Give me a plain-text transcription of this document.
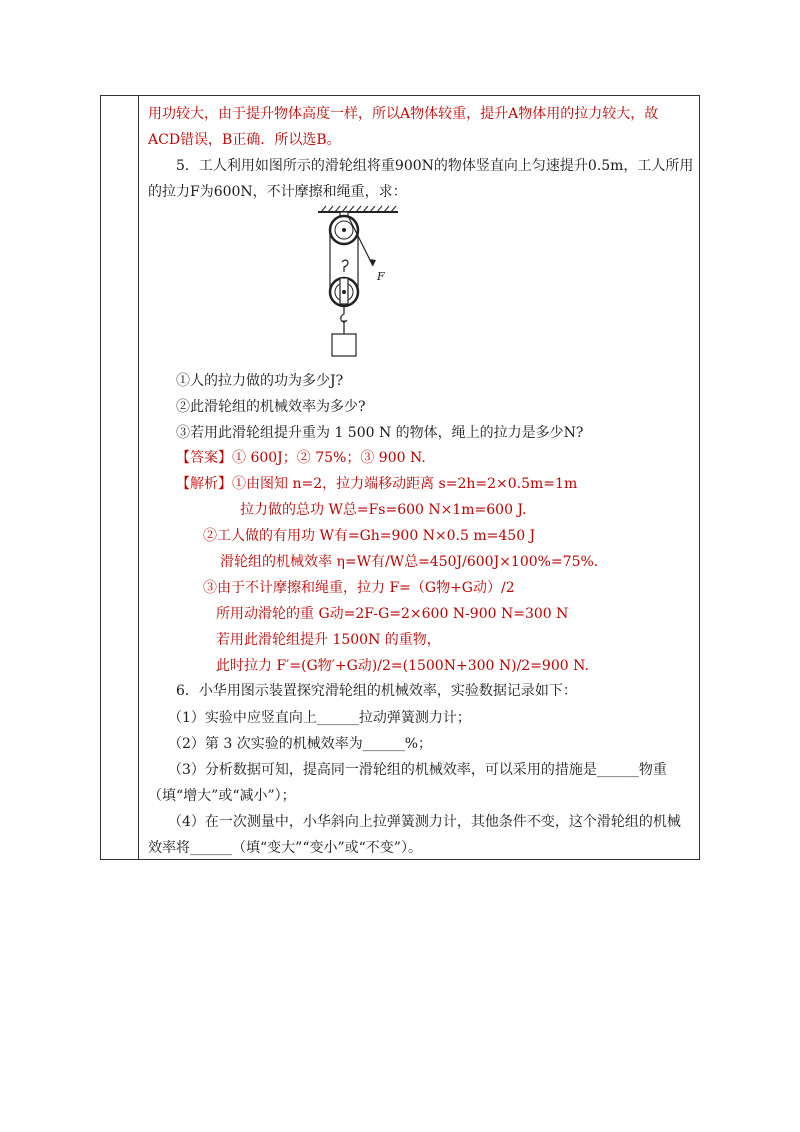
用功较大，由于提升物体高度一样，所以A物体较重，提升A物体用的拉力较大，故
ACD错误，B正确．所以选B。
5．工人利用如图所示的滑轮组将重900N的物体竖直向上匀速提升0.5m，工人所用
的拉力F为600N，不计摩擦和绳重，求：
F
①人的拉力做的功为多少J?
②此滑轮组的机械效率为多少?
③若用此滑轮组提升重为 1 500 N 的物体，绳上的拉力是多少N?
【答案】① 600J；② 75%；③ 900 N.
【解析】①由图知 n=2，拉力端移动距离 s=2h=2×0.5m=1m
拉力做的总功 W总=Fs=600 N×1m=600 J.
②工人做的有用功 W有=Gh=900 N×0.5 m=450 J
滑轮组的机械效率 η=W有/W总=450J/600J×100%=75%.
③由于不计摩擦和绳重，拉力 F=（G物+G动）/2
所用动滑轮的重 G动=2F-G=2×600 N-900 N=300 N
若用此滑轮组提升 1500N 的重物，
此时拉力 F′=(G物′+G动)/2=(1500N+300 N)/2=900 N.
6．小华用图示装置探究滑轮组的机械效率，实验数据记录如下：
（1）实验中应竖直向上______拉动弹簧测力计；
（2）第 3 次实验的机械效率为______%；
（3）分析数据可知，提高同一滑轮组的机械效率，可以采用的措施是______物重
（填“增大”或“减小”）；
（4）在一次测量中，小华斜向上拉弹簧测力计，其他条件不变，这个滑轮组的机械
效率将______（填“变大”“变小”或“不变”）。
